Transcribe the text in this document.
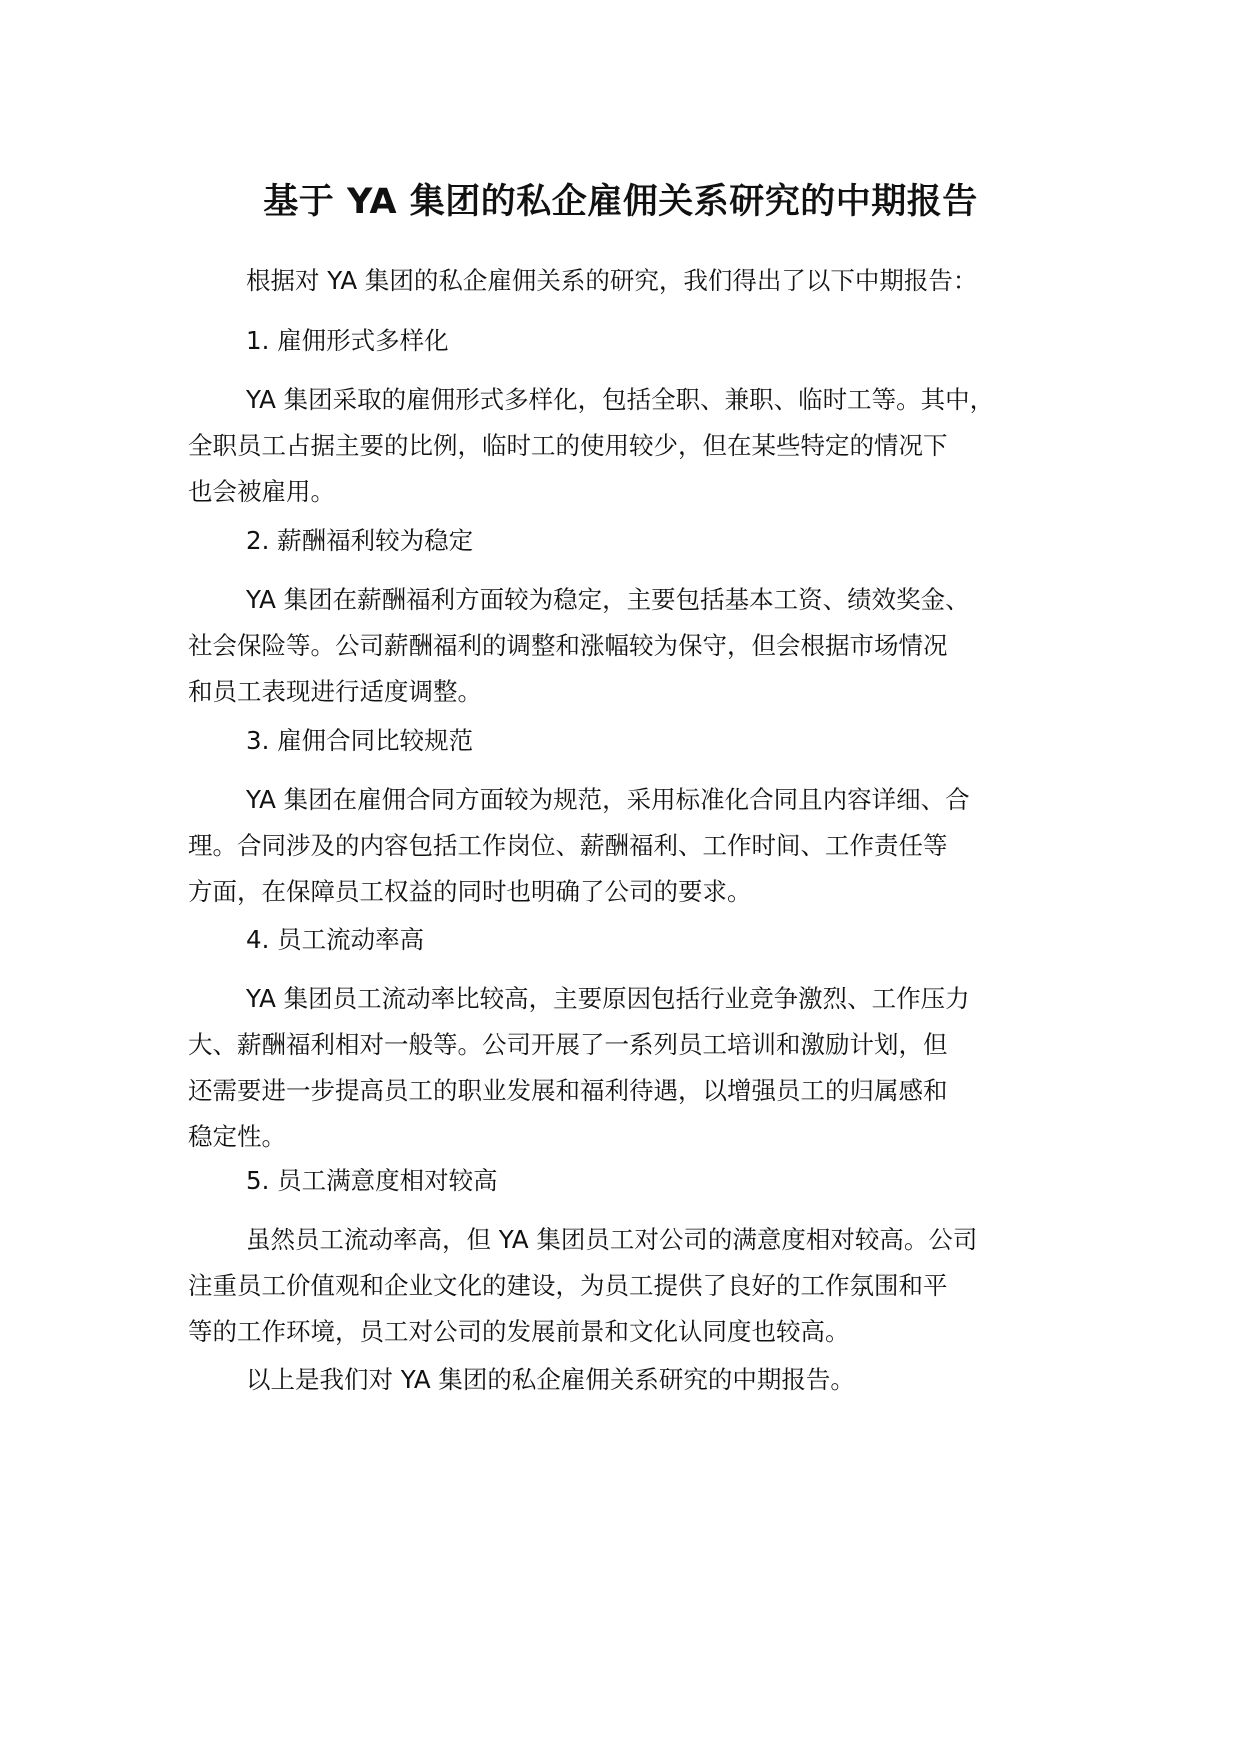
基于 YA 集团的私企雇佣关系研究的中期报告

根据对 YA 集团的私企雇佣关系的研究，我们得出了以下中期报告：

1. 雇佣形式多样化

YA 集团采取的雇佣形式多样化，包括全职、兼职、临时工等。其中，
全职员工占据主要的比例，临时工的使用较少，但在某些特定的情况下
也会被雇用。

2. 薪酬福利较为稳定

YA 集团在薪酬福利方面较为稳定，主要包括基本工资、绩效奖金、
社会保险等。公司薪酬福利的调整和涨幅较为保守，但会根据市场情况
和员工表现进行适度调整。

3. 雇佣合同比较规范

YA 集团在雇佣合同方面较为规范，采用标准化合同且内容详细、合
理。合同涉及的内容包括工作岗位、薪酬福利、工作时间、工作责任等
方面，在保障员工权益的同时也明确了公司的要求。

4. 员工流动率高

YA 集团员工流动率比较高，主要原因包括行业竞争激烈、工作压力
大、薪酬福利相对一般等。公司开展了一系列员工培训和激励计划，但
还需要进一步提高员工的职业发展和福利待遇，以增强员工的归属感和
稳定性。

5. 员工满意度相对较高

虽然员工流动率高，但 YA 集团员工对公司的满意度相对较高。公司
注重员工价值观和企业文化的建设，为员工提供了良好的工作氛围和平
等的工作环境，员工对公司的发展前景和文化认同度也较高。

以上是我们对 YA 集团的私企雇佣关系研究的中期报告。
